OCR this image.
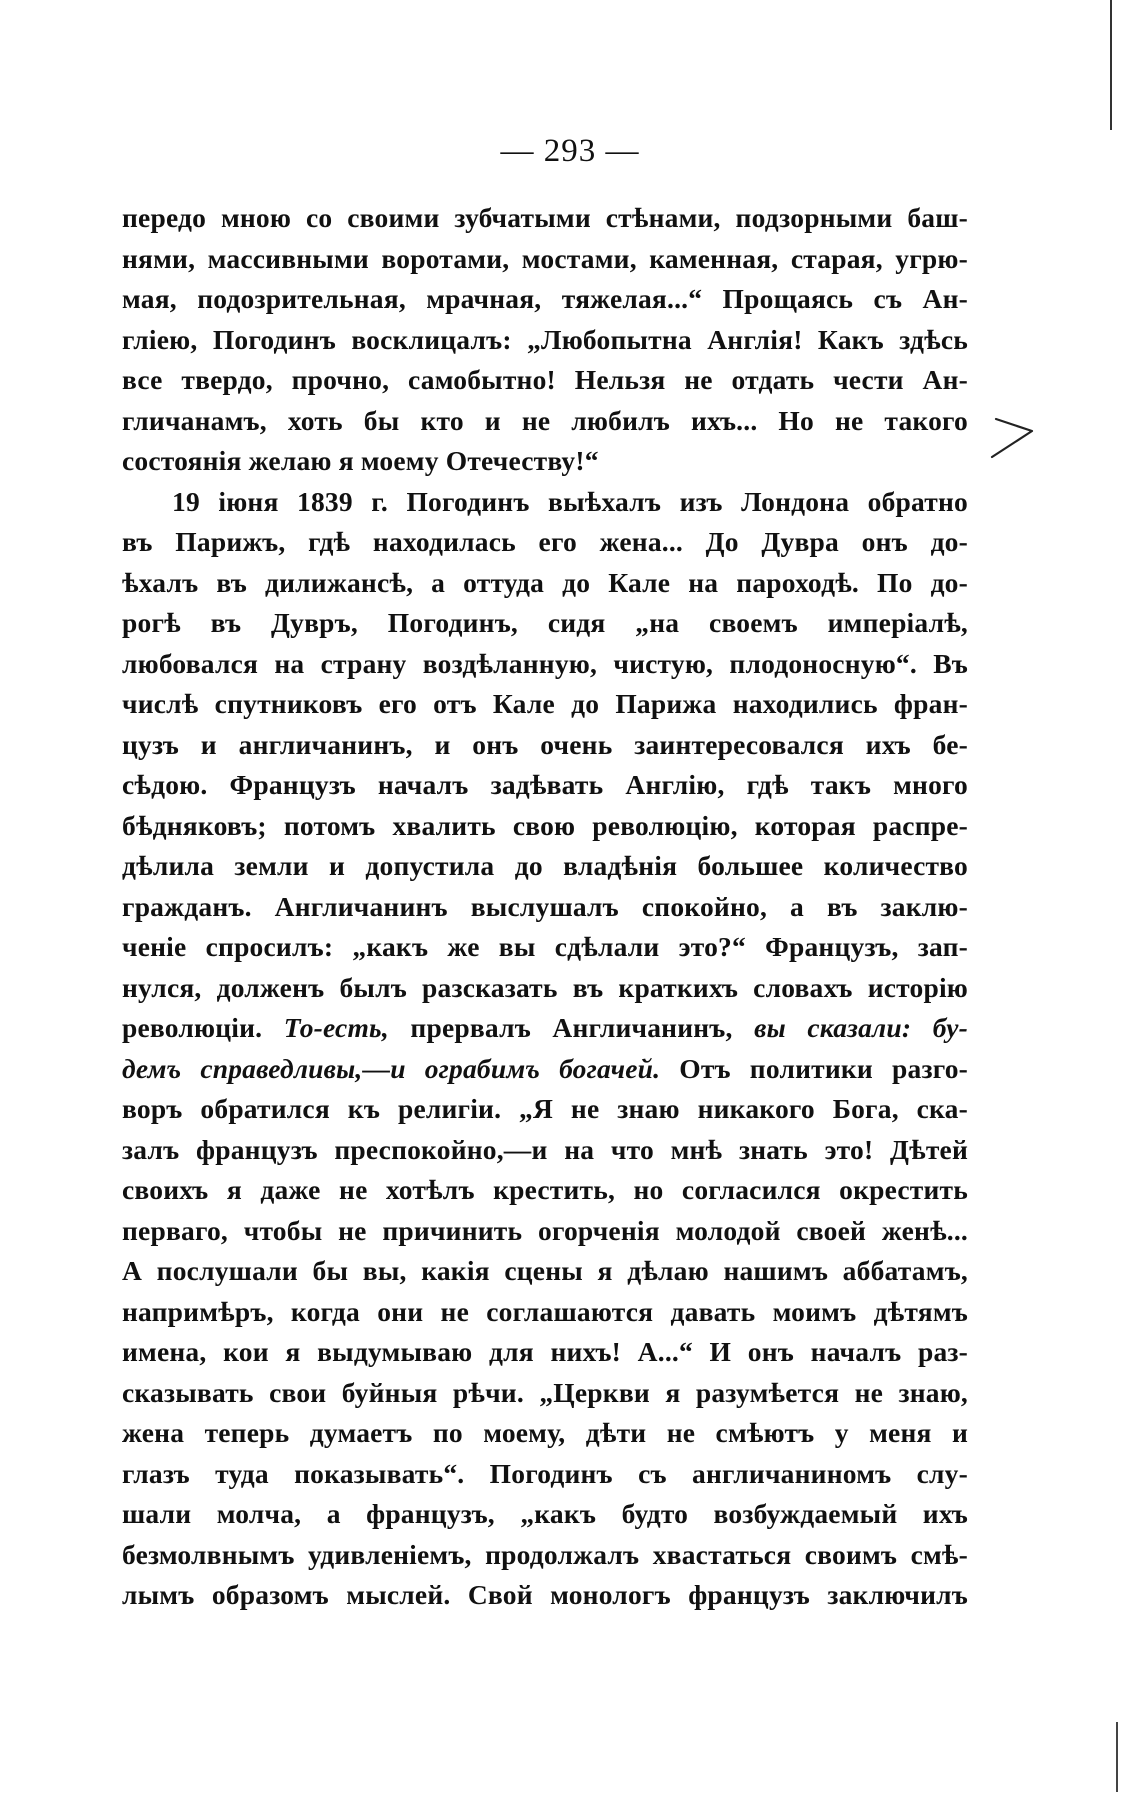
— 293 —
передо мною со своими зубчатыми стѣнами, подзорными баш-
нями, массивными воротами, мостами, каменная, старая, угрю-
мая, подозрительная, мрачная, тяжелая...“ Прощаясь съ Ан-
гліею, Погодинъ восклицалъ: „Любопытна Англія! Какъ здѣсь
все твердо, прочно, самобытно! Нельзя не отдать чести Ан-
гличанамъ, хоть бы кто и не любилъ ихъ... Но не такого
состоянія желаю я моему Отечеству!“
19 іюня 1839 г. Погодинъ выѣхалъ изъ Лондона обратно
въ Парижъ, гдѣ находилась его жена... До Дувра онъ до-
ѣхалъ въ дилижансѣ, а оттуда до Кале на пароходѣ. По до-
рогѣ въ Дувръ, Погодинъ, сидя „на своемъ имперіалѣ,
любовался на страну воздѣланную, чистую, плодоносную“. Въ
числѣ спутниковъ его отъ Кале до Парижа находились фран-
цузъ и англичанинъ, и онъ очень заинтересовался ихъ бе-
сѣдою. Французъ началъ задѣвать Англію, гдѣ такъ много
бѣдняковъ; потомъ хвалить свою революцію, которая распре-
дѣлила земли и допустила до владѣнія большее количество
гражданъ. Англичанинъ выслушалъ спокойно, а въ заклю-
ченіе спросилъ: „какъ же вы сдѣлали это?“ Французъ, зап-
нулся, долженъ былъ разсказать въ краткихъ словахъ исторію
революціи. То-есть, прервалъ Англичанинъ, вы сказали: бу-
демъ справедливы,—и ограбимъ богачей. Отъ политики разго-
воръ обратился къ религіи. „Я не знаю никакого Бога, ска-
залъ французъ преспокойно,—и на что мнѣ знать это! Дѣтей
своихъ я даже не хотѣлъ крестить, но согласился окрестить
перваго, чтобы не причинить огорченія молодой своей женѣ...
А послушали бы вы, какія сцены я дѣлаю нашимъ аббатамъ,
напримѣръ, когда они не соглашаются давать моимъ дѣтямъ
имена, кои я выдумываю для нихъ! А...“ И онъ началъ раз-
сказывать свои буйныя рѣчи. „Церкви я разумѣется не знаю,
жена теперь думаетъ по моему, дѣти не смѣютъ у меня и
глазъ туда показывать“. Погодинъ съ англичаниномъ слу-
шали молча, а французъ, „какъ будто возбуждаемый ихъ
безмолвнымъ удивленіемъ, продолжалъ хвастаться своимъ смѣ-
лымъ образомъ мыслей. Свой монологъ французъ заключилъ
